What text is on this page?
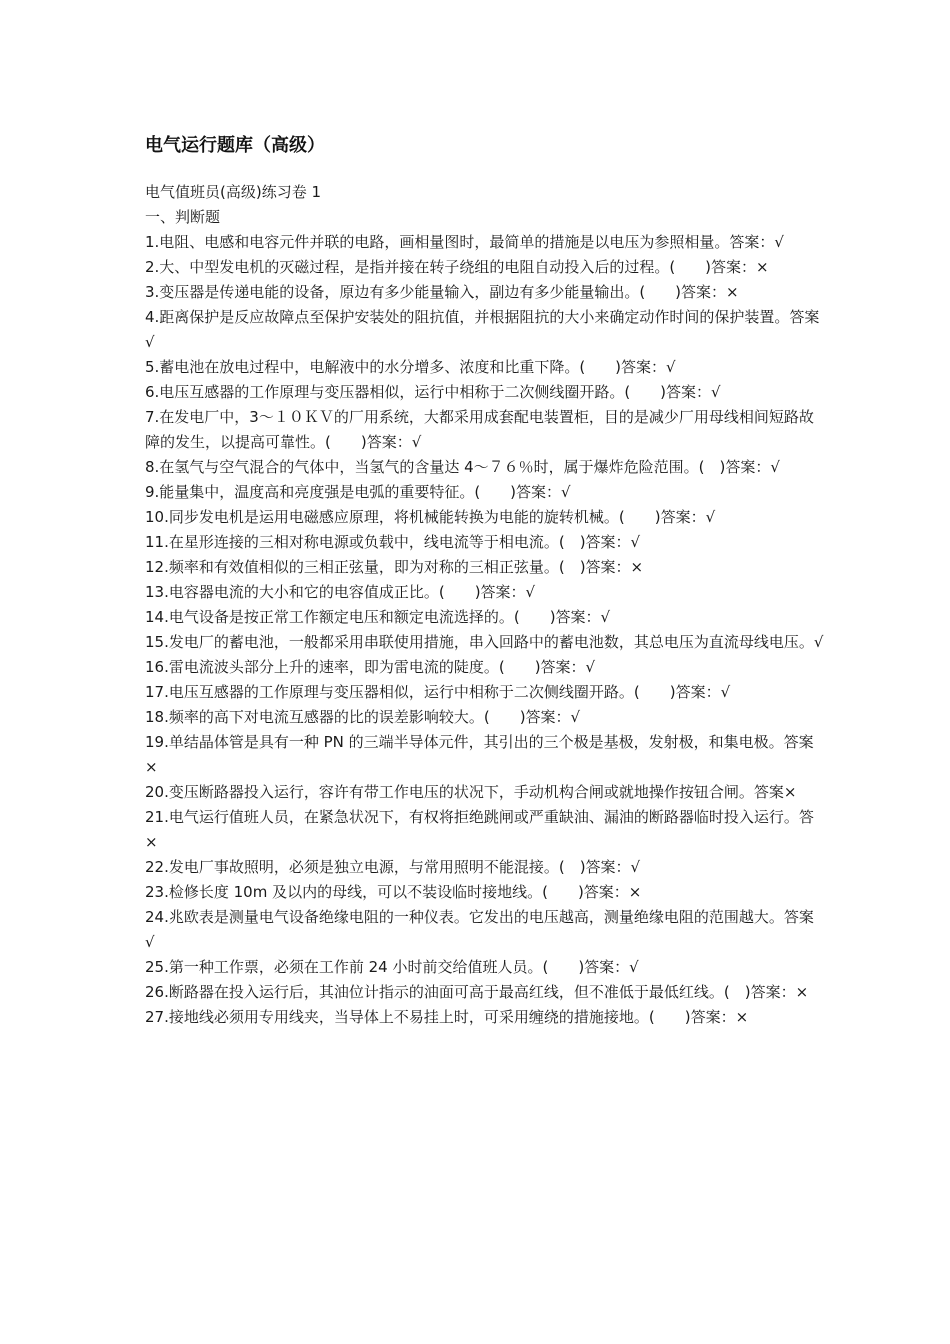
电气运行题库（高级）
电气值班员(高级)练习卷 1
一、判断题

1.电阻、电感和电容元件并联的电路，画相量图时，最简单的措施是以电压为参照相量。答案：√

2.大、中型发电机的灭磁过程，是指并接在转子绕组的电阻自动投入后的过程。(　　)答案：×

3.变压器是传递电能的设备，原边有多少能量输入，副边有多少能量输出。(　　)答案：×

4.距离保护是反应故障点至保护安装处的阻抗值，并根据阻抗的大小来确定动作时间的保护装置。答案 √

5.蓄电池在放电过程中，电解液中的水分增多、浓度和比重下降。(　　)答案：√

6.电压互感器的工作原理与变压器相似，运行中相称于二次侧线圈开路。(　　)答案：√

7.在发电厂中，3～１０ＫＶ的厂用系统，大都采用成套配电装置柜，目的是减少厂用母线相间短路故障的发生，以提高可靠性。(　　)答案：√

8.在氢气与空气混合的气体中，当氢气的含量达 4～７６％时，属于爆炸危险范围。(　)答案：√

9.能量集中，温度高和亮度强是电弧的重要特征。(　　)答案：√

10.同步发电机是运用电磁感应原理，将机械能转换为电能的旋转机械。(　　)答案：√

11.在星形连接的三相对称电源或负载中，线电流等于相电流。(　)答案：√

12.频率和有效值相似的三相正弦量，即为对称的三相正弦量。(　)答案：×

13.电容器电流的大小和它的电容值成正比。(　　)答案：√

14.电气设备是按正常工作额定电压和额定电流选择的。(　　)答案：√

15.发电厂的蓄电池，一般都采用串联使用措施，串入回路中的蓄电池数，其总电压为直流母线电压。√

16.雷电流波头部分上升的速率，即为雷电流的陡度。(　　)答案：√

17.电压互感器的工作原理与变压器相似，运行中相称于二次侧线圈开路。(　　)答案：√

18.频率的高下对电流互感器的比的误差影响较大。(　　)答案：√

19.单结晶体管是具有一种 PN 的三端半导体元件，其引出的三个极是基极，发射极，和集电极。答案×

20.变压断路器投入运行，容许有带工作电压的状况下，手动机构合闸或就地操作按钮合闸。答案×

21.电气运行值班人员，在紧急状况下，有权将拒绝跳闸或严重缺油、漏油的断路器临时投入运行。答×

22.发电厂事故照明，必须是独立电源，与常用照明不能混接。(　)答案：√

23.检修长度 10m 及以内的母线，可以不装设临时接地线。(　　)答案：×

24.兆欧表是测量电气设备绝缘电阻的一种仪表。它发出的电压越高，测量绝缘电阻的范围越大。答案 √

25.第一种工作票，必须在工作前 24 小时前交给值班人员。(　　)答案：√

26.断路器在投入运行后，其油位计指示的油面可高于最高红线，但不准低于最低红线。(　)答案：×

27.接地线必须用专用线夹，当导体上不易挂上时，可采用缠绕的措施接地。(　　)答案：×
